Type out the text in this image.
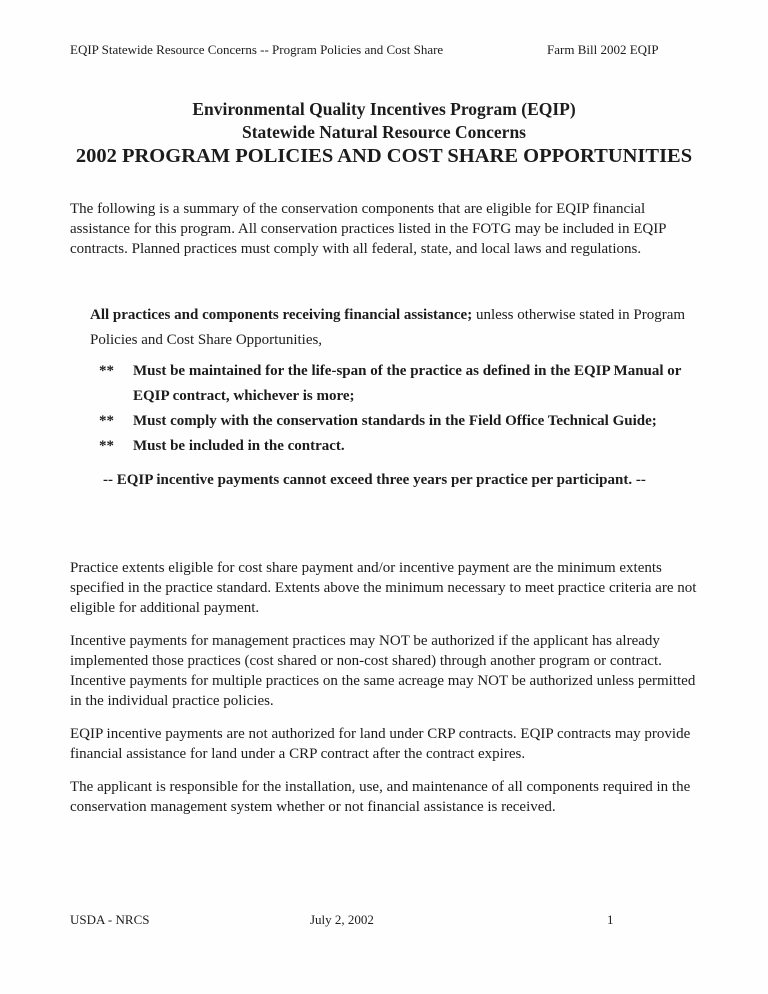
EQIP Statewide Resource Concerns -- Program Policies and Cost Share	Farm Bill 2002 EQIP
Environmental Quality Incentives Program (EQIP)
Statewide Natural Resource Concerns
2002 PROGRAM POLICIES AND COST SHARE OPPORTUNITIES

The following is a summary of the conservation components that are eligible for EQIP financial assistance for this program. All conservation practices listed in the FOTG may be included in EQIP contracts. Planned practices must comply with all federal, state, and local laws and regulations.

All practices and components receiving financial assistance; unless otherwise stated in Program Policies and Cost Share Opportunities,

**	Must be maintained for the life-span of the practice as defined in the EQIP Manual or EQIP contract, whichever is more;
**	Must comply with the conservation standards in the Field Office Technical Guide;
**	Must be included in the contract.

-- EQIP incentive payments cannot exceed three years per practice per participant. --

Practice extents eligible for cost share payment and/or incentive payment are the minimum extents specified in the practice standard. Extents above the minimum necessary to meet practice criteria are not eligible for additional payment.

Incentive payments for management practices may NOT be authorized if the applicant has already implemented those practices (cost shared or non-cost shared) through another program or contract. Incentive payments for multiple practices on the same acreage may NOT be authorized unless permitted in the individual practice policies.

EQIP incentive payments are not authorized for land under CRP contracts. EQIP contracts may provide financial assistance for land under a CRP contract after the contract expires.

The applicant is responsible for the installation, use, and maintenance of all components required in the conservation management system whether or not financial assistance is received.

USDA - NRCS	July 2, 2002	1
